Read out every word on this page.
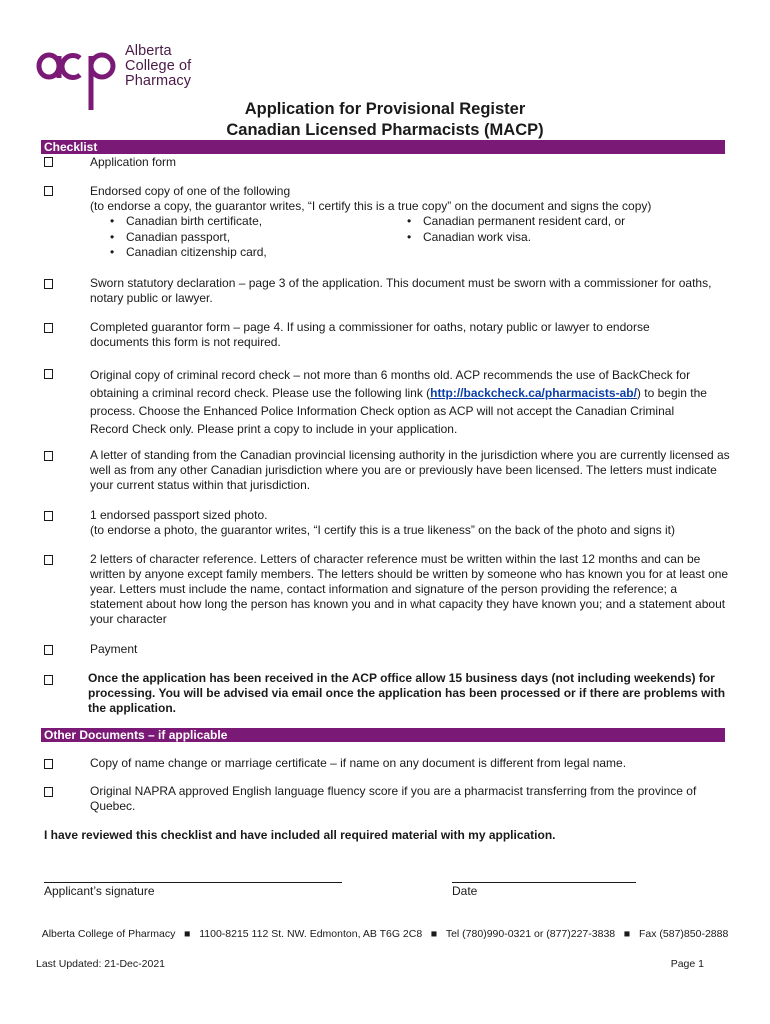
Alberta
College of
Pharmacy
Application for Provisional Register
Canadian Licensed Pharmacists (MACP)
Checklist
Application form
Endorsed copy of one of the following
(to endorse a copy, the guarantor writes, “I certify this is a true copy” on the document and signs the copy)
• Canadian birth certificate,
• Canadian passport,
• Canadian citizenship card,
• Canadian permanent resident card, or
• Canadian work visa.
Sworn statutory declaration – page 3 of the application. This document must be sworn with a commissioner for oaths, notary public or lawyer.
Completed guarantor form – page 4. If using a commissioner for oaths, notary public or lawyer to endorse documents this form is not required.
Original copy of criminal record check – not more than 6 months old. ACP recommends the use of BackCheck for obtaining a criminal record check. Please use the following link (http://backcheck.ca/pharmacists-ab/) to begin the process. Choose the Enhanced Police Information Check option as ACP will not accept the Canadian Criminal Record Check only. Please print a copy to include in your application.
A letter of standing from the Canadian provincial licensing authority in the jurisdiction where you are currently licensed as well as from any other Canadian jurisdiction where you are or previously have been licensed. The letters must indicate your current status within that jurisdiction.
1 endorsed passport sized photo.
(to endorse a photo, the guarantor writes, “I certify this is a true likeness” on the back of the photo and signs it)
2 letters of character reference. Letters of character reference must be written within the last 12 months and can be written by anyone except family members. The letters should be written by someone who has known you for at least one year. Letters must include the name, contact information and signature of the person providing the reference; a statement about how long the person has known you and in what capacity they have known you; and a statement about your character
Payment
Once the application has been received in the ACP office allow 15 business days (not including weekends) for processing. You will be advised via email once the application has been processed or if there are problems with the application.
Other Documents – if applicable
Copy of name change or marriage certificate – if name on any document is different from legal name.
Original NAPRA approved English language fluency score if you are a pharmacist transferring from the province of Quebec.
I have reviewed this checklist and have included all required material with my application.
Applicant’s signature	Date
Alberta College of Pharmacy   ■   1100-8215 112 St. NW. Edmonton, AB T6G 2C8   ■   Tel (780)990-0321 or (877)227-3838   ■   Fax (587)850-2888
Last Updated: 21-Dec-2021	Page 1
